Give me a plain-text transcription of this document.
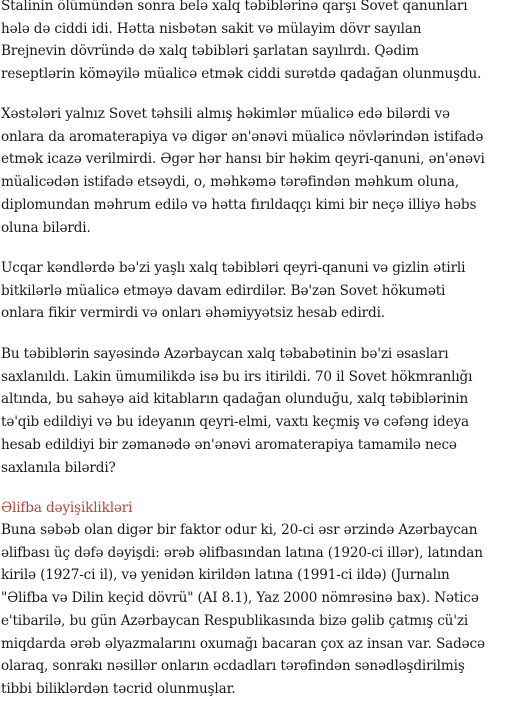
Stalinin ölümündən sonra belə xalq təbiblərinə qarşı Sovet qanunları
hələ də ciddi idi. Hətta nisbətən sakit və mülayim dövr sayılan
Brejnevin dövründə də xalq təbibləri şarlatan sayılırdı. Qədim
reseptlərin köməyilə müalicə etmək ciddi surətdə qadağan olunmuşdu.

Xəstələri yalnız Sovet təhsili almış həkimlər müalicə edə bilərdi və
onlara da aromaterapiya və digər ən'ənəvi müalicə növlərindən istifadə
etmək icazə verilmirdi. Əgər hər hansı bir həkim qeyri-qanuni, ən'ənəvi
müalicədən istifadə etsəydi, o, məhkəmə tərəfindən məhkum oluna,
diplomundan məhrum edilə və hətta fırıldaqçı kimi bir neçə illiyə həbs
oluna bilərdi.

Ucqar kəndlərdə bə'zi yaşlı xalq təbibləri qeyri-qanuni və gizlin ətirli
bitkilərlə müalicə etməyə davam edirdilər. Bə'zən Sovet hökuməti
onlara fikir vermirdi və onları əhəmiyyətsiz hesab edirdi.

Bu təbiblərin sayəsində Azərbaycan xalq təbabətinin bə'zi əsasları
saxlanıldı. Lakin ümumilikdə isə bu irs itirildi. 70 il Sovet hökmranlığı
altında, bu sahəyə aid kitabların qadağan olunduğu, xalq təbiblərinin
tə'qib edildiyi və bu ideyanın qeyri-elmi, vaxtı keçmiş və cəfəng ideya
hesab edildiyi bir zəmanədə ən'ənəvi aromaterapiya tamamilə necə
saxlanıla bilərdi?

Əlifba dəyişiklikləri

Buna səbəb olan digər bir faktor odur ki, 20-ci əsr ərzində Azərbaycan
əlifbası üç dəfə dəyişdi: ərəb əlifbasından latına (1920-ci illər), latından
kirilə (1927-ci il), və yenidən kirildən latına (1991-ci ildə) (Jurnalın
"Əlifba və Dilin keçid dövrü" (AI 8.1), Yaz 2000 nömrəsinə bax). Nəticə
e'tibarilə, bu gün Azərbaycan Respublikasında bizə gəlib çatmış cü'zi
miqdarda ərəb əlyazmalarını oxumağı bacaran çox az insan var. Sadəcə
olaraq, sonrakı nəsillər onların əcdadları tərəfindən sənədləşdirilmiş
tibbi biliklərdən təcrid olunmuşlar.
